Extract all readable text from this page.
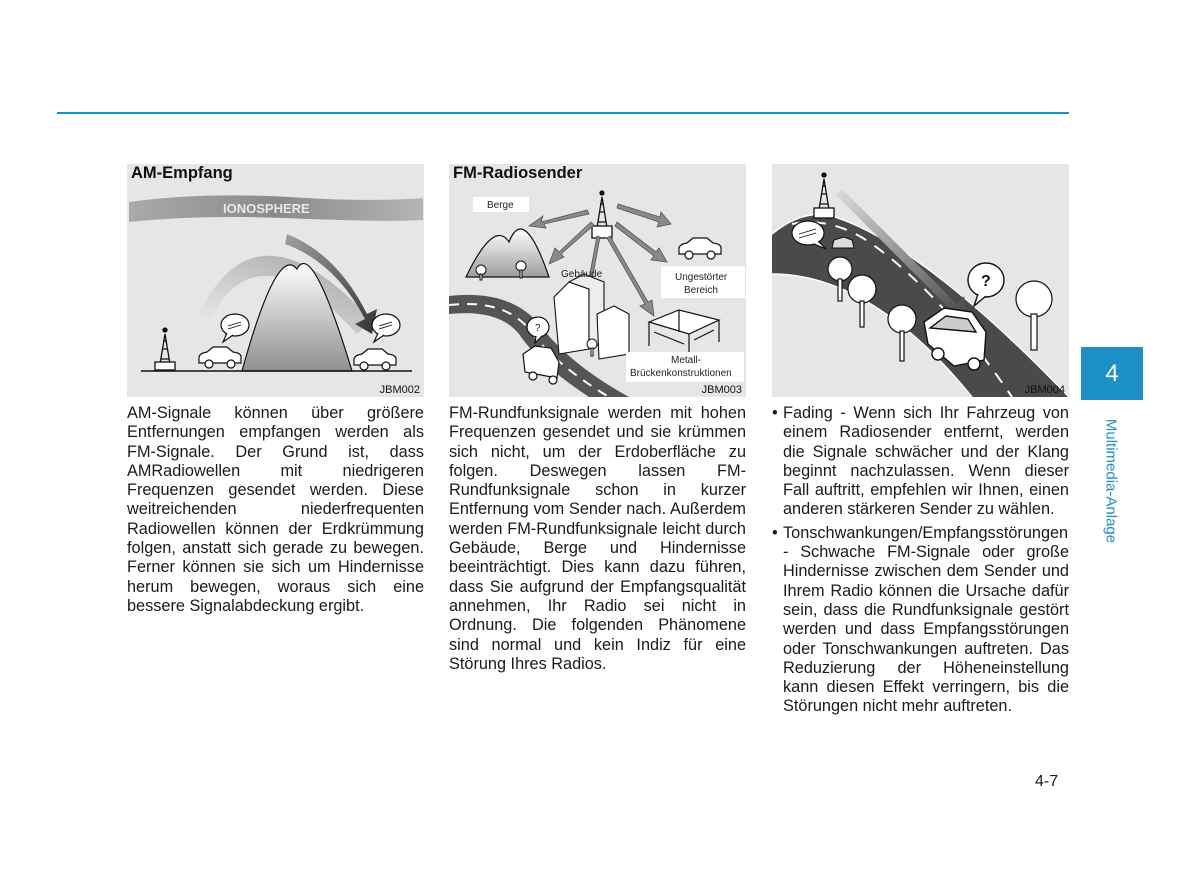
IONOSPHERE
AM-Empfang
JBM002
?
Berge
Gebäude	Ungestörter
Bereich
Metall-
Brückenkonstruktionen
FM-Radiosender
JBM003
?
JBM004

AM-Signale können über größere Entfernungen empfangen werden als FM-Signale. Der Grund ist, dass AMRadiowellen mit niedrigeren Frequenzen gesendet werden. Diese weitreichenden niederfrequenten Radiowellen können der Erdkrümmung folgen, anstatt sich gerade zu bewegen. Ferner können sie sich um Hindernisse herum bewegen, woraus sich eine bessere Signalabdeckung ergibt.

FM-Rundfunksignale werden mit hohen Frequenzen gesendet und sie krümmen sich nicht, um der Erdoberfläche zu folgen. Deswegen lassen FM-Rundfunksignale schon in kurzer Entfernung vom Sender nach. Außerdem werden FM-Rundfunksignale leicht durch Gebäude, Berge und Hindernisse beeinträchtigt. Dies kann dazu führen, dass Sie aufgrund der Empfangsqualität annehmen, Ihr Radio sei nicht in Ordnung. Die folgenden Phänomene sind normal und kein Indiz für eine Störung Ihres Radios.

• Fading - Wenn sich Ihr Fahrzeug von einem Radiosender entfernt, werden die Signale schwächer und der Klang beginnt nachzulassen. Wenn dieser Fall auftritt, empfehlen wir Ihnen, einen anderen stärkeren Sender zu wählen.
• Tonschwankungen/Empfangsstörungen - Schwache FM-Signale oder große Hindernisse zwischen dem Sender und Ihrem Radio können die Ursache dafür sein, dass die Rundfunksignale gestört werden und dass Empfangsstörungen oder Tonschwankungen auftreten. Das Reduzierung der Höheneinstellung kann diesen Effekt verringern, bis die Störungen nicht mehr auftreten.
4
Multimedia-Anlage
4-7
